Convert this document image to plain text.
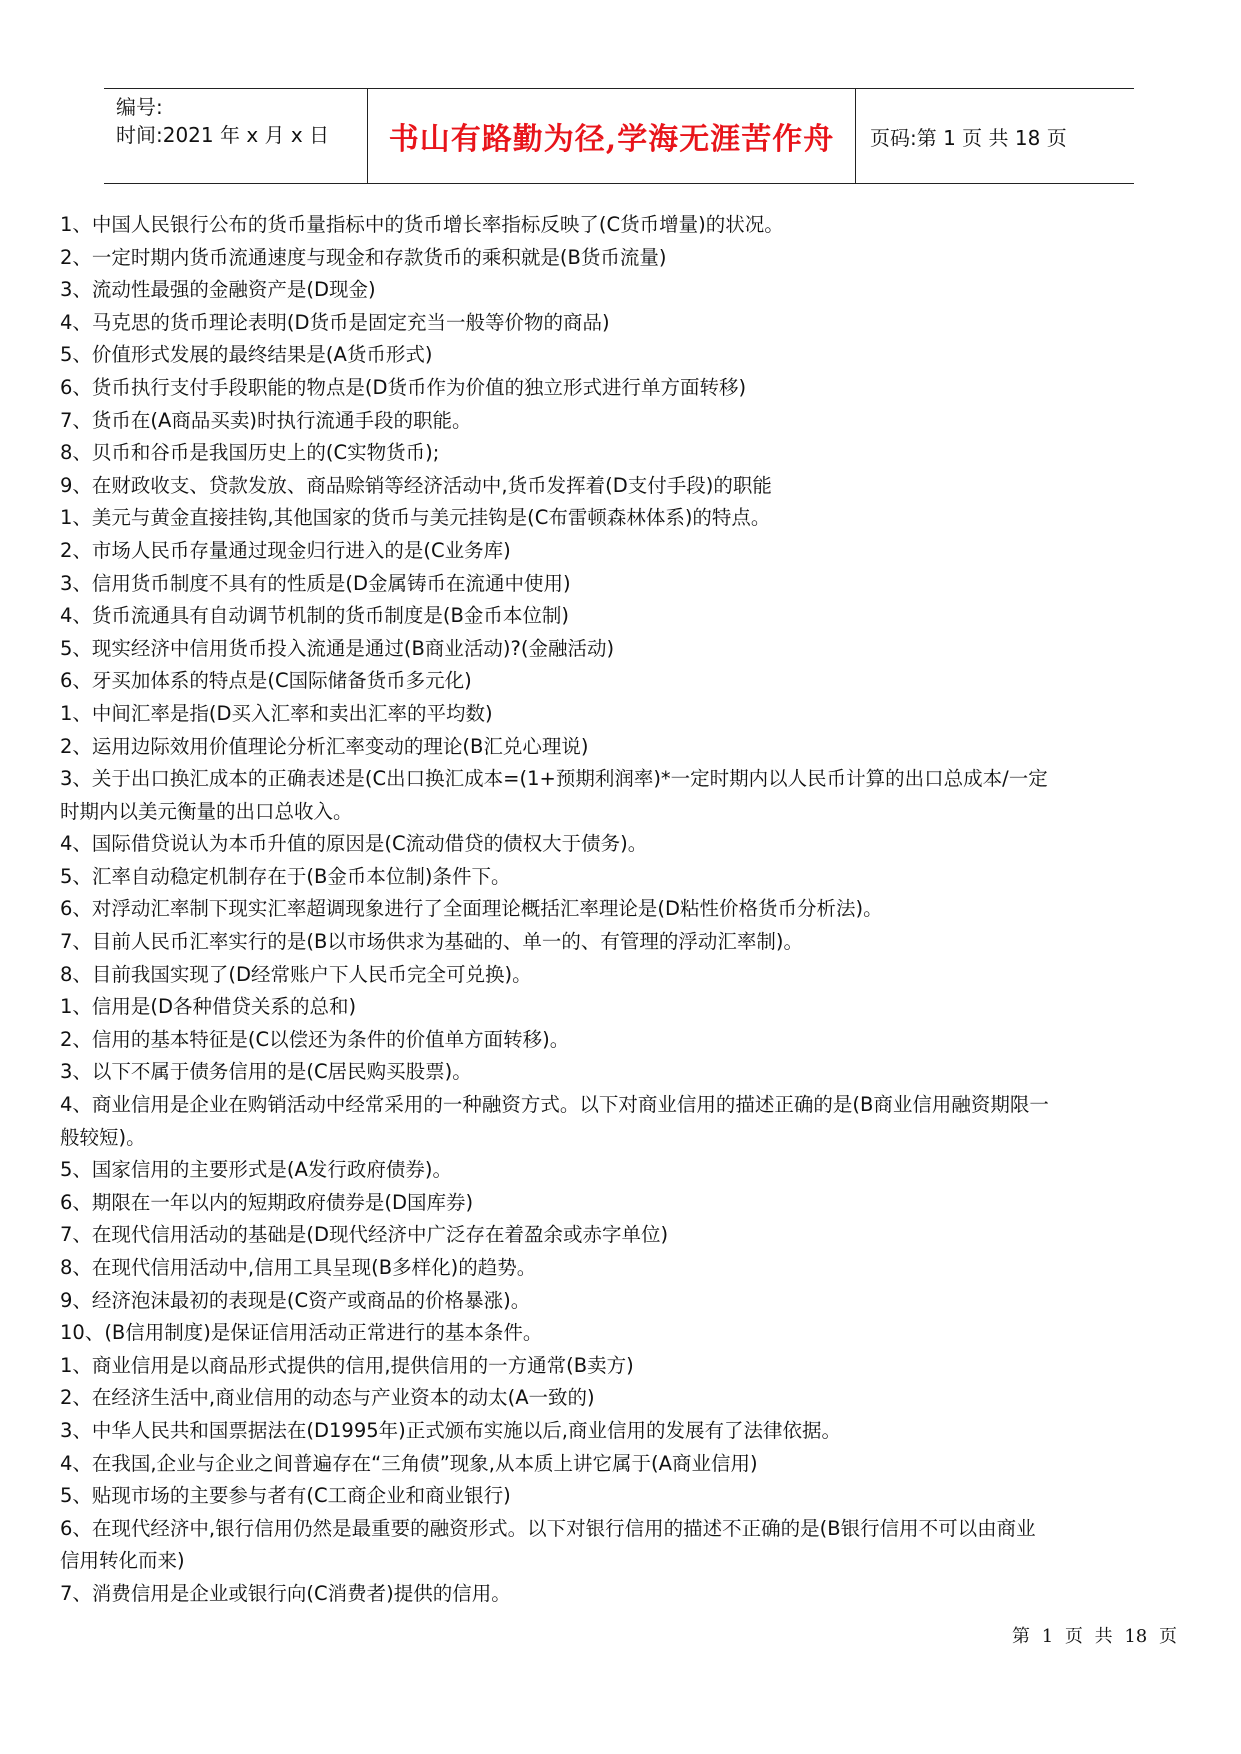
编号:
时间:2021 年 x 月 x 日	书山有路勤为径,学海无涯苦作舟 页码:第 1 页 共 18 页
1、中国人民银行公布的货币量指标中的货币增长率指标反映了(C货币增量)的状况。
2、一定时期内货币流通速度与现金和存款货币的乘积就是(B货币流量)
3、流动性最强的金融资产是(D现金)
4、马克思的货币理论表明(D货币是固定充当一般等价物的商品)
5、价值形式发展的最终结果是(A货币形式)
6、货币执行支付手段职能的物点是(D货币作为价值的独立形式进行单方面转移)
7、货币在(A商品买卖)时执行流通手段的职能。
8、贝币和谷币是我国历史上的(C实物货币);
9、在财政收支、贷款发放、商品赊销等经济活动中,货币发挥着(D支付手段)的职能
1、美元与黄金直接挂钩,其他国家的货币与美元挂钩是(C布雷顿森林体系)的特点。
2、市场人民币存量通过现金归行进入的是(C业务库)
3、信用货币制度不具有的性质是(D金属铸币在流通中使用)
4、货币流通具有自动调节机制的货币制度是(B金币本位制)
5、现实经济中信用货币投入流通是通过(B商业活动)?(金融活动)
6、牙买加体系的特点是(C国际储备货币多元化)
1、中间汇率是指(D买入汇率和卖出汇率的平均数)
2、运用边际效用价值理论分析汇率变动的理论(B汇兑心理说)
3、关于出口换汇成本的正确表述是(C出口换汇成本=(1+预期利润率)*一定时期内以人民币计算的出口总成本/一定
时期内以美元衡量的出口总收入。
4、国际借贷说认为本币升值的原因是(C流动借贷的债权大于债务)。
5、汇率自动稳定机制存在于(B金币本位制)条件下。
6、对浮动汇率制下现实汇率超调现象进行了全面理论概括汇率理论是(D粘性价格货币分析法)。
7、目前人民币汇率实行的是(B以市场供求为基础的、单一的、有管理的浮动汇率制)。
8、目前我国实现了(D经常账户下人民币完全可兑换)。
1、信用是(D各种借贷关系的总和)
2、信用的基本特征是(C以偿还为条件的价值单方面转移)。
3、以下不属于债务信用的是(C居民购买股票)。
4、商业信用是企业在购销活动中经常采用的一种融资方式。以下对商业信用的描述正确的是(B商业信用融资期限一
般较短)。
5、国家信用的主要形式是(A发行政府债券)。
6、期限在一年以内的短期政府债券是(D国库券)
7、在现代信用活动的基础是(D现代经济中广泛存在着盈余或赤字单位)
8、在现代信用活动中,信用工具呈现(B多样化)的趋势。
9、经济泡沫最初的表现是(C资产或商品的价格暴涨)。
10、(B信用制度)是保证信用活动正常进行的基本条件。
1、商业信用是以商品形式提供的信用,提供信用的一方通常(B卖方)
2、在经济生活中,商业信用的动态与产业资本的动太(A一致的)
3、中华人民共和国票据法在(D1995年)正式颁布实施以后,商业信用的发展有了法律依据。
4、在我国,企业与企业之间普遍存在“三角债”现象,从本质上讲它属于(A商业信用)
5、贴现市场的主要参与者有(C工商企业和商业银行)
6、在现代经济中,银行信用仍然是最重要的融资形式。以下对银行信用的描述不正确的是(B银行信用不可以由商业
信用转化而来)
7、消费信用是企业或银行向(C消费者)提供的信用。
第 1 页 共 18 页
